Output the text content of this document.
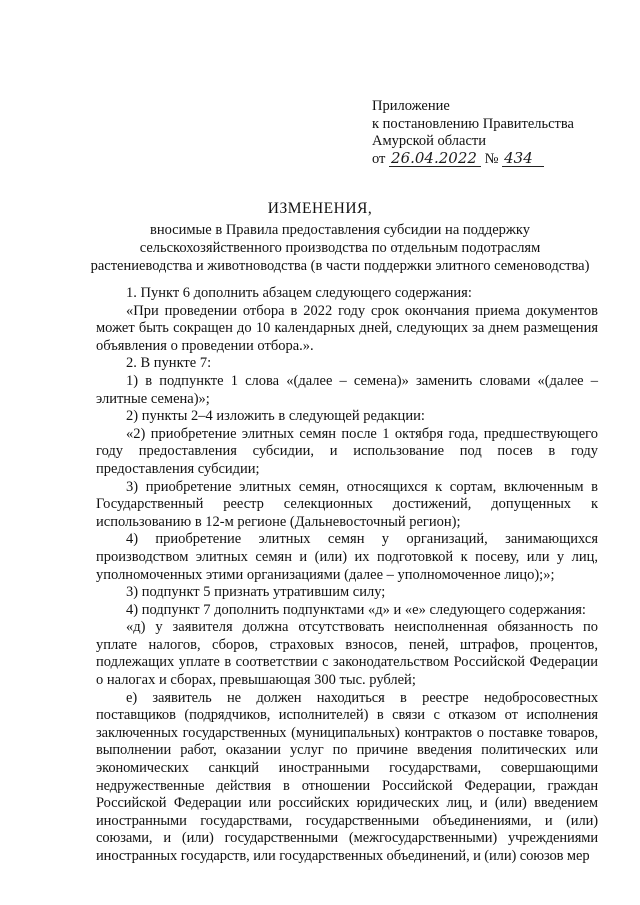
Приложение
к постановлению Правительства
Амурской области
от 26.04.2022 № 434
ИЗМЕНЕНИЯ,
вносимые в Правила предоставления субсидии на поддержку
сельскохозяйственного производства по отдельным подотраслям
растениеводства и животноводства (в части поддержки элитного семеноводства)

1. Пункт 6 дополнить абзацем следующего содержания:

«При проведении отбора в 2022 году срок окончания приема документов может быть сокращен до 10 календарных дней, следующих за днем размещения объявления о проведении отбора.».

2. В пункте 7:

1) в подпункте 1 слова «(далее – семена)» заменить словами «(далее – элитные семена)»;

2) пункты 2–4 изложить в следующей редакции:

«2) приобретение элитных семян после 1 октября года, предшествующего году предоставления субсидии, и использование под посев в году предоставления субсидии;

3) приобретение элитных семян, относящихся к сортам, включенным в Государственный реестр селекционных достижений, допущенных к использованию в 12-м регионе (Дальневосточный регион);

4) приобретение элитных семян у организаций, занимающихся производством элитных семян и (или) их подготовкой к посеву, или у лиц, уполномоченных этими организациями (далее – уполномоченное лицо);»;

3) подпункт 5 признать утратившим силу;

4) подпункт 7 дополнить подпунктами «д» и «е» следующего содержания:

«д) у заявителя должна отсутствовать неисполненная обязанность по уплате налогов, сборов, страховых взносов, пеней, штрафов, процентов, подлежащих уплате в соответствии с законодательством Российской Федерации о налогах и сборах, превышающая 300 тыс. рублей;

е) заявитель не должен находиться в реестре недобросовестных поставщиков (подрядчиков, исполнителей) в связи с отказом от исполнения заключенных государственных (муниципальных) контрактов о поставке товаров, выполнении работ, оказании услуг по причине введения политических или экономических санкций иностранными государствами, совершающими недружественные действия в отношении Российской Федерации, граждан Российской Федерации или российских юридических лиц, и (или) введением иностранными государствами, государственными объединениями, и (или) союзами, и (или) государственными (межгосударственными) учреждениями иностранных государств, или государственных объединений, и (или) союзов мер
